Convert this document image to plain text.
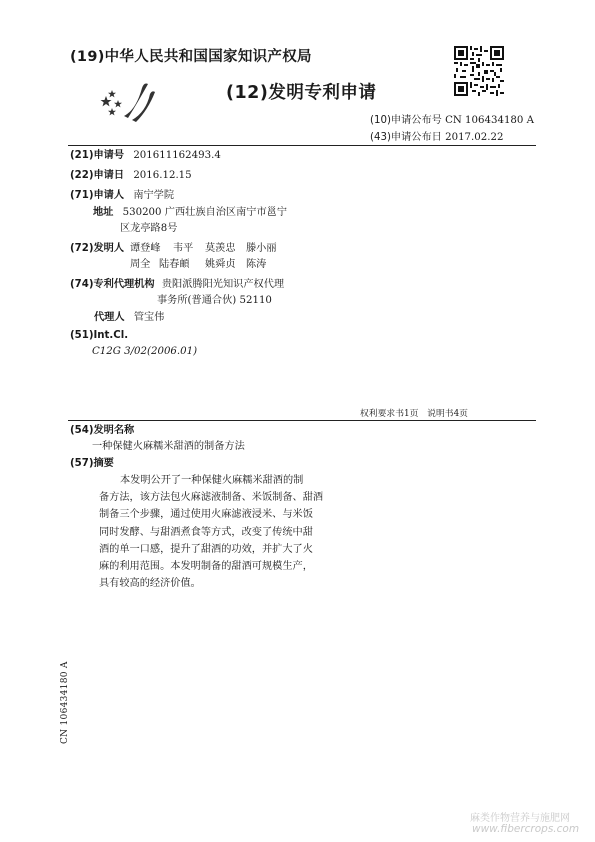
(19)中华人民共和国国家知识产权局
(12)发明专利申请
(10)申请公布号 CN 106434180 A
(43)申请公布日 2017.02.22
(21)申请号 201611162493.4
(22)申请日 2016.12.15
(71)申请人 南宁学院
地址 530200 广西壮族自治区南宁市邕宁
区龙亭路8号
(72)发明人 谭登峰 韦平 莫羡忠 滕小丽
周全 陆春頔 姚舜贞 陈涛
(74)专利代理机构 贵阳派腾阳光知识产权代理
事务所(普通合伙) 52110
代理人 管宝伟
(51)Int.Cl.
C12G 3/02(2006.01)
权利要求书1页　说明书4页
(54)发明名称
一种保健火麻糯米甜酒的制备方法
(57)摘要
本发明公开了一种保健火麻糯米甜酒的制
备方法，该方法包火麻滤液制备、米饭制备、甜酒
制备三个步骤，通过使用火麻滤液浸米、与米饭
同时发酵、与甜酒煮食等方式，改变了传统中甜
酒的单一口感，提升了甜酒的功效，并扩大了火
麻的利用范围。本发明制备的甜酒可规模生产，
具有较高的经济价值。
CN 106434180 A
麻类作物营养与施肥网
www.fibercrops.com
